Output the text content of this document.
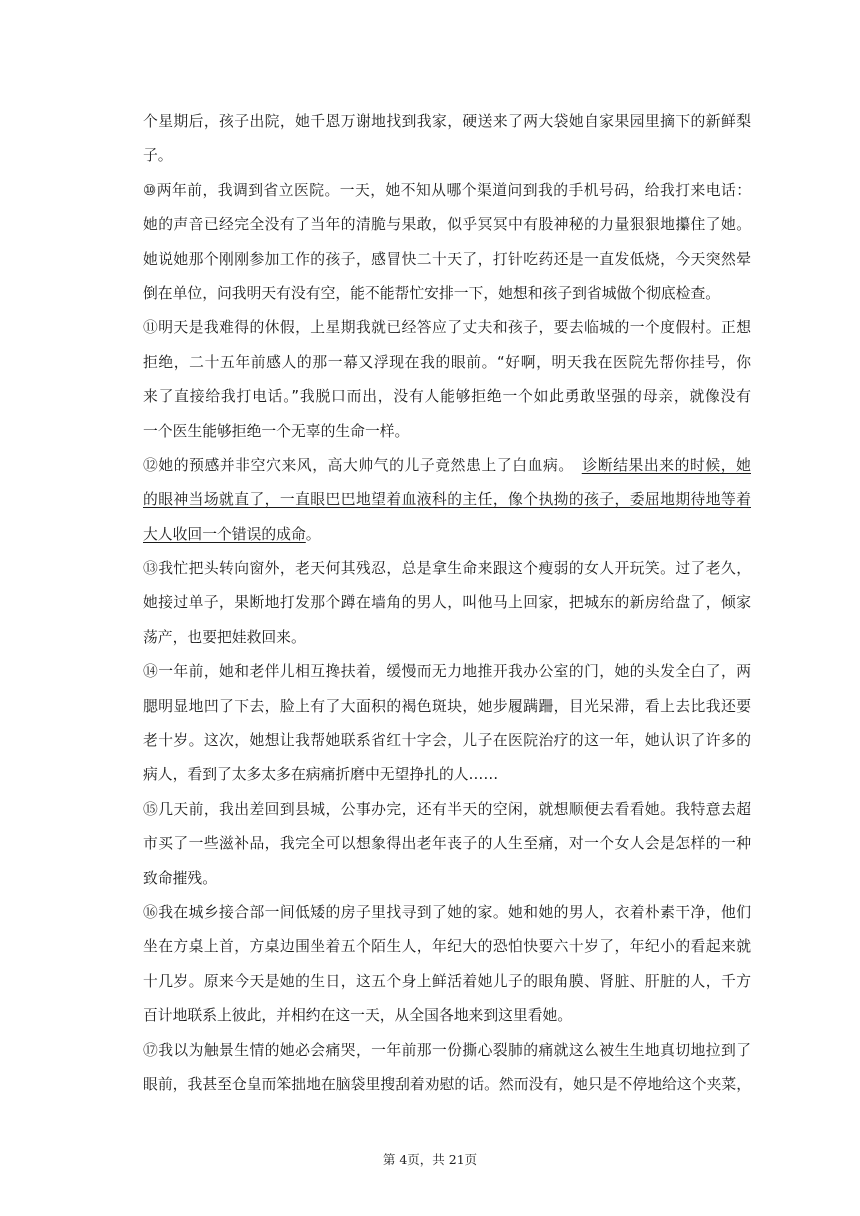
个星期后，孩子出院，她千恩万谢地找到我家，硬送来了两大袋她自家果园里摘下的新鲜梨
子。
⑩两年前，我调到省立医院。一天，她不知从哪个渠道问到我的手机号码，给我打来电话：
她的声音已经完全没有了当年的清脆与果敢，似乎冥冥中有股神秘的力量狠狠地攥住了她。
她说她那个刚刚参加工作的孩子，感冒快二十天了，打针吃药还是一直发低烧，今天突然晕
倒在单位，问我明天有没有空，能不能帮忙安排一下，她想和孩子到省城做个彻底检查。
⑪明天是我难得的休假，上星期我就已经答应了丈夫和孩子，要去临城的一个度假村。正想
拒绝，二十五年前感人的那一幕又浮现在我的眼前。“好啊，明天我在医院先帮你挂号，你
来了直接给我打电话。”我脱口而出，没有人能够拒绝一个如此勇敢坚强的母亲，就像没有
一个医生能够拒绝一个无辜的生命一样。
⑫她的预感并非空穴来风，高大帅气的儿子竟然患上了白血病。 诊断结果出来的时候，她
的眼神当场就直了，一直眼巴巴地望着血液科的主任，像个执拗的孩子，委屈地期待地等着
大人收回一个错误的成命。
⑬我忙把头转向窗外，老天何其残忍，总是拿生命来跟这个瘦弱的女人开玩笑。过了老久，
她接过单子，果断地打发那个蹲在墙角的男人，叫他马上回家，把城东的新房给盘了，倾家
荡产，也要把娃救回来。
⑭一年前，她和老伴儿相互搀扶着，缓慢而无力地推开我办公室的门，她的头发全白了，两
腮明显地凹了下去，脸上有了大面积的褐色斑块，她步履蹒跚，目光呆滞，看上去比我还要
老十岁。这次，她想让我帮她联系省红十字会，儿子在医院治疗的这一年，她认识了许多的
病人，看到了太多太多在病痛折磨中无望挣扎的人……
⑮几天前，我出差回到县城，公事办完，还有半天的空闲，就想顺便去看看她。我特意去超
市买了一些滋补品，我完全可以想象得出老年丧子的人生至痛，对一个女人会是怎样的一种
致命摧残。
⑯我在城乡接合部一间低矮的房子里找寻到了她的家。她和她的男人，衣着朴素干净，他们
坐在方桌上首，方桌边围坐着五个陌生人，年纪大的恐怕快要六十岁了，年纪小的看起来就
十几岁。原来今天是她的生日，这五个身上鲜活着她儿子的眼角膜、肾脏、肝脏的人，千方
百计地联系上彼此，并相约在这一天，从全国各地来到这里看她。
⑰我以为触景生情的她必会痛哭，一年前那一份撕心裂肺的痛就这么被生生地真切地拉到了
眼前，我甚至仓皇而笨拙地在脑袋里搜刮着劝慰的话。然而没有，她只是不停地给这个夹菜，
第 4页，共 21页
